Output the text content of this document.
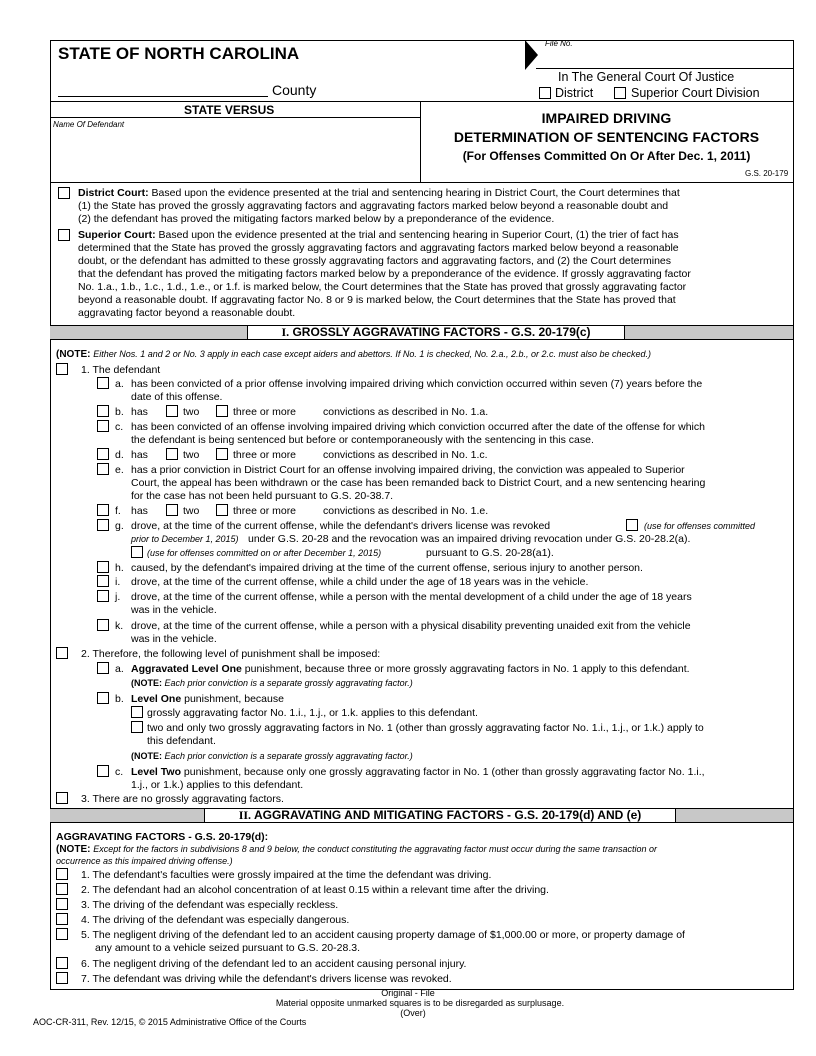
STATE OF NORTH CAROLINA
County
File No.
In The General Court Of Justice
District	Superior Court Division
STATE VERSUS
Name Of Defendant	IMPAIRED DRIVING
DETERMINATION OF SENTENCING FACTORS
(For Offenses Committed On Or After Dec. 1, 2011)
G.S. 20-179
District Court: Based upon the evidence presented at the trial and sentencing hearing in District Court, the Court determines that
(1) the State has proved the grossly aggravating factors and aggravating factors marked below beyond a reasonable doubt and
(2) the defendant has proved the mitigating factors marked below by a preponderance of the evidence.
Superior Court: Based upon the evidence presented at the trial and sentencing hearing in Superior Court, (1) the trier of fact has
determined that the State has proved the grossly aggravating factors and aggravating factors marked below beyond a reasonable
doubt, or the defendant has admitted to these grossly aggravating factors and aggravating factors, and (2) the Court determines
that the defendant has proved the mitigating factors marked below by a preponderance of the evidence. If grossly aggravating factor
No. 1.a., 1.b., 1.c., 1.d., 1.e., or 1.f. is marked below, the Court determines that the State has proved that grossly aggravating factor
beyond a reasonable doubt. If aggravating factor No. 8 or 9 is marked below, the Court determines that the State has proved that
aggravating factor beyond a reasonable doubt.
I. GROSSLY AGGRAVATING FACTORS - G.S. 20-179(c)
(NOTE: Either Nos. 1 and 2 or No. 3 apply in each case except aiders and abettors. If No. 1 is checked, No. 2.a., 2.b., or 2.c. must also be checked.)
1. The defendant
a. has been convicted of a prior offense involving impaired driving which conviction occurred within seven (7) years before the
date of this offense.
b. has	two	three or more	convictions as described in No. 1.a.
c. has been convicted of an offense involving impaired driving which conviction occurred after the date of the offense for which
the defendant is being sentenced but before or contemporaneously with the sentencing in this case.
d. has	two	three or more	convictions as described in No. 1.c.
e. has a prior conviction in District Court for an offense involving impaired driving, the conviction was appealed to Superior
Court, the appeal has been withdrawn or the case has been remanded back to District Court, and a new sentencing hearing
for the case has not been held pursuant to G.S. 20-38.7.
f. has	two	three or more	convictions as described in No. 1.e.
g. drove, at the time of the current offense, while the defendant's drivers license was revoked	(use for offenses committed
prior to December 1, 2015) under G.S. 20-28 and the revocation was an impaired driving revocation under G.S. 20-28.2(a).
(use for offenses committed on or after December 1, 2015)	pursuant to G.S. 20-28(a1).
h. caused, by the defendant's impaired driving at the time of the current offense, serious injury to another person.
i. drove, at the time of the current offense, while a child under the age of 18 years was in the vehicle.
j. drove, at the time of the current offense, while a person with the mental development of a child under the age of 18 years
was in the vehicle.
k. drove, at the time of the current offense, while a person with a physical disability preventing unaided exit from the vehicle
was in the vehicle.
2. Therefore, the following level of punishment shall be imposed:
a. Aggravated Level One punishment, because three or more grossly aggravating factors in No. 1 apply to this defendant.
(NOTE: Each prior conviction is a separate grossly aggravating factor.)
b. Level One punishment, because
grossly aggravating factor No. 1.i., 1.j., or 1.k. applies to this defendant.
two and only two grossly aggravating factors in No. 1 (other than grossly aggravating factor No. 1.i., 1.j., or 1.k.) apply to
this defendant.
(NOTE: Each prior conviction is a separate grossly aggravating factor.)
c. Level Two punishment, because only one grossly aggravating factor in No. 1 (other than grossly aggravating factor No. 1.i.,
1.j., or 1.k.) applies to this defendant.
3. There are no grossly aggravating factors.
II. AGGRAVATING AND MITIGATING FACTORS - G.S. 20-179(d) AND (e)
AGGRAVATING FACTORS - G.S. 20-179(d):
(NOTE: Except for the factors in subdivisions 8 and 9 below, the conduct constituting the aggravating factor must occur during the same transaction or
occurrence as this impaired driving offense.)
1. The defendant's faculties were grossly impaired at the time the defendant was driving.
2. The defendant had an alcohol concentration of at least 0.15 within a relevant time after the driving.
3. The driving of the defendant was especially reckless.
4. The driving of the defendant was especially dangerous.
5. The negligent driving of the defendant led to an accident causing property damage of $1,000.00 or more, or property damage of
any amount to a vehicle seized pursuant to G.S. 20-28.3.
6. The negligent driving of the defendant led to an accident causing personal injury.
7. The defendant was driving while the defendant's drivers license was revoked.
Original - File
Material opposite unmarked squares is to be disregarded as surplusage.
(Over)
AOC-CR-311, Rev. 12/15, © 2015 Administrative Office of the Courts
